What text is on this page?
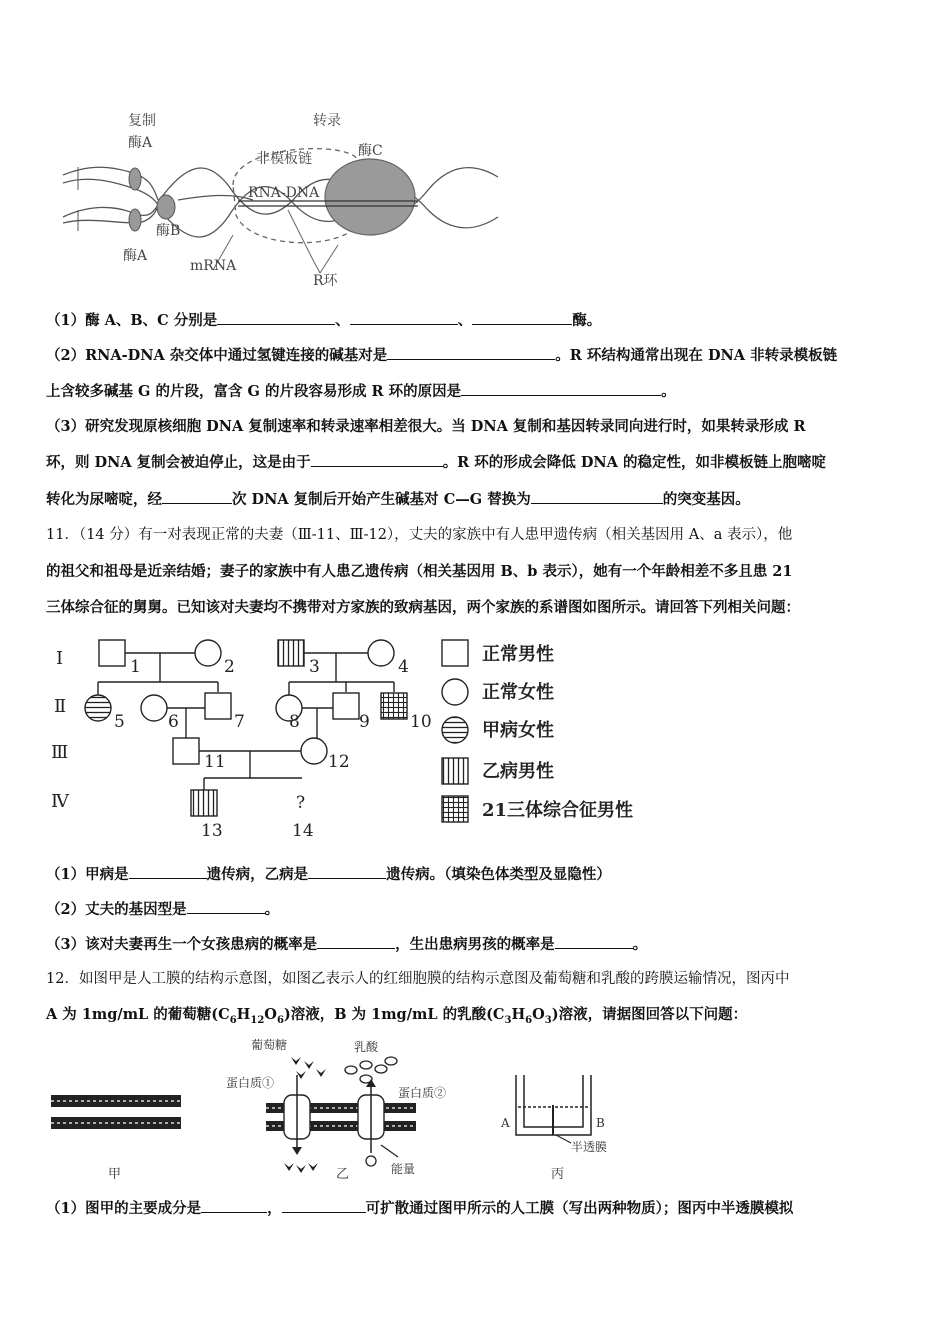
复制
酶A
转录
非模板链	酶C
RNA-DNA
酶B
酶A
mRNA
R环
（1）酶 A、B、C 分别是	、	、	酶。
（2）RNA-DNA 杂交体中通过氢键连接的碱基对是	。R 环结构通常出现在 DNA 非转录模板链
上含较多碱基 G 的片段，富含 G 的片段容易形成 R 环的原因是	。
（3）研究发现原核细胞 DNA 复制速率和转录速率相差很大。当 DNA 复制和基因转录同向进行时，如果转录形成 R
环，则 DNA 复制会被迫停止，这是由于	。R 环的形成会降低 DNA 的稳定性，如非模板链上胞嘧啶
转化为尿嘧啶，经	次 DNA 复制后开始产生碱基对 C—G 替换为	的突变基因。
11．（14 分）有一对表现正常的夫妻（Ⅲ-11、Ⅲ-12），丈夫的家族中有人患甲遗传病（相关基因用 A、a 表示），他
的祖父和祖母是近亲结婚；妻子的家族中有人患乙遗传病（相关基因用 B、b 表示），她有一个年龄相差不多且患 21
三体综合征的舅舅。已知该对夫妻均不携带对方家族的致病基因，两个家族的系谱图如图所示。请回答下列相关问题：
Ⅰ
Ⅱ
Ⅲ
Ⅳ
1	2	3	4
5	6	7	8	9 10
11	12
?
13	14
正常男性
正常女性
甲病女性
乙病男性
21三体综合征男性
（1）甲病是	遗传病，乙病是	遗传病。（填染色体类型及显隐性）
（2）丈夫的基因型是	。
（3）该对夫妻再生一个女孩患病的概率是	，生出患病男孩的概率是	。
12．如图甲是人工膜的结构示意图，如图乙表示人的红细胞膜的结构示意图及葡萄糖和乳酸的跨膜运输情况，图丙中
A 为 1mg/mL 的葡萄糖$(C_6H_{12}O_6)$溶液，B 为 1mg/mL 的乳酸$(C_3H_6O_3)$溶液，请据图回答以下问题：
甲
葡萄糖	乳酸
蛋白质①
蛋白质②
能量
乙
A	B
半透膜
丙
（1）图甲的主要成分是	，	可扩散通过图甲所示的人工膜（写出两种物质）；图丙中半透膜模拟
